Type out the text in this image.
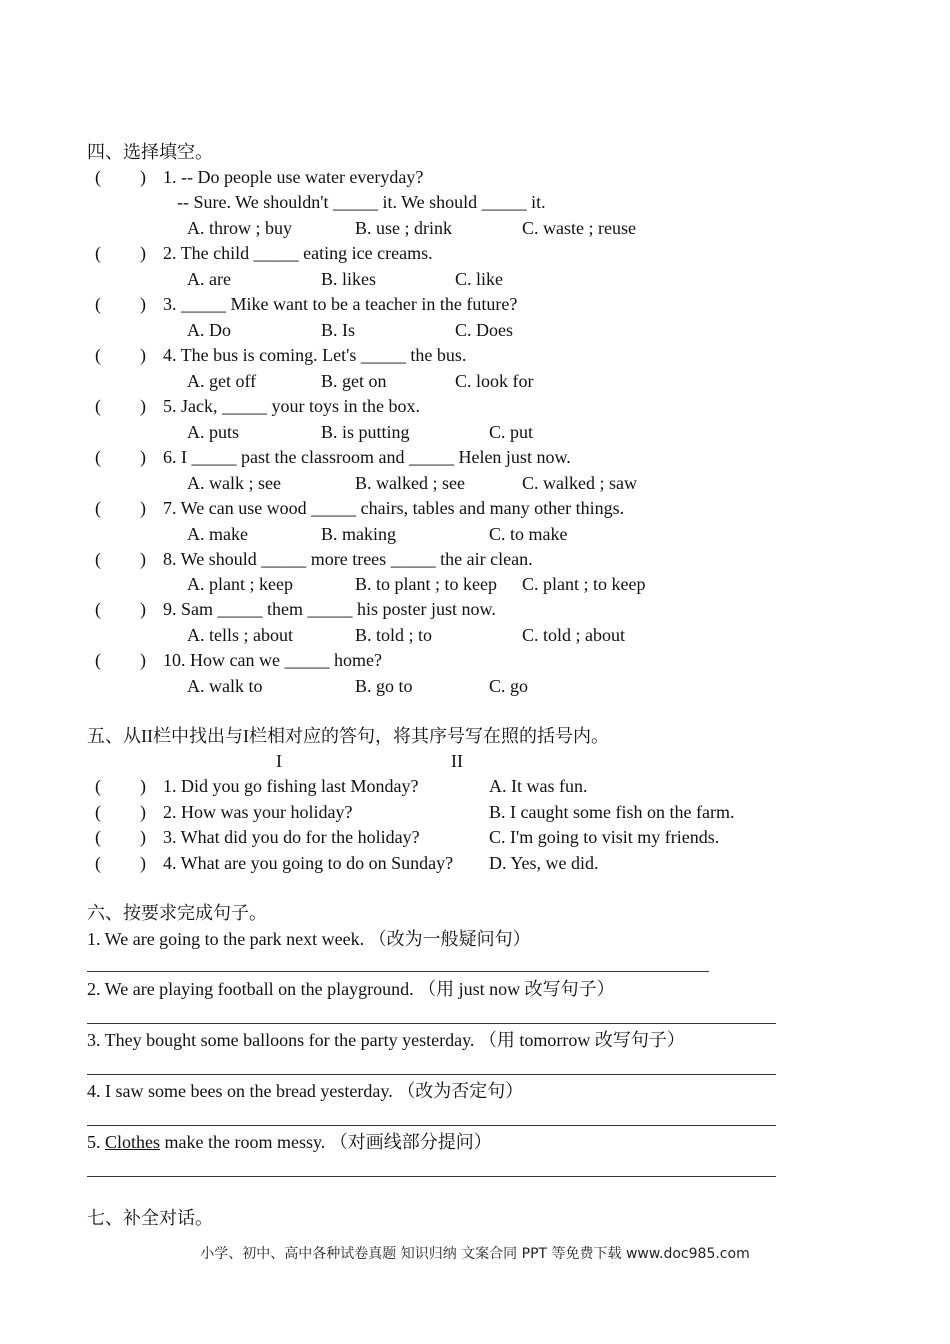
四、选择填空。
( ) 1. -- Do people use water everyday?
-- Sure. We shouldn't _____ it. We should _____ it.
A. throw ; buy	B. use ; drink	C. waste ; reuse
( ) 2. The child _____ eating ice creams.
A. are	B. likes	C. like
( ) 3. _____ Mike want to be a teacher in the future?
A. Do	B. Is	C. Does
( ) 4. The bus is coming. Let's _____ the bus.
A. get off	B. get on	C. look for
( ) 5. Jack, _____ your toys in the box.
A. puts	B. is putting	C. put
( ) 6. I _____ past the classroom and _____ Helen just now.
A. walk ; see	B. walked ; see	C. walked ; saw
( ) 7. We can use wood _____ chairs, tables and many other things.
A. make	B. making	C. to make
( ) 8. We should _____ more trees _____ the air clean.
A. plant ; keep	B. to plant ; to keep C. plant ; to keep
( ) 9. Sam _____ them _____ his poster just now.
A. tells ; about	B. told ; to	C. told ; about
( ) 10. How can we _____ home?
A. walk to	B. go to	C. go
五、从II栏中找出与I栏相对应的答句，将其序号写在照的括号内。
I	II
( ) 1. Did you go fishing last Monday?	A. It was fun.
( ) 2. How was your holiday?	B. I caught some fish on the farm.
( ) 3. What did you do for the holiday?	C. I'm going to visit my friends.
( ) 4. What are you going to do on Sunday? D. Yes, we did.
六、按要求完成句子。
1. We are going to the park next week. （改为一般疑问句）
2. We are playing football on the playground. （用 just now 改写句子）
3. They bought some balloons for the party yesterday. （用 tomorrow 改写句子）
4. I saw some bees on the bread yesterday. （改为否定句）
5. Clothes make the room messy. （对画线部分提问）
七、补全对话。
小学、初中、高中各种试卷真题 知识归纳 文案合同 PPT 等免费下载 www.doc985.com
